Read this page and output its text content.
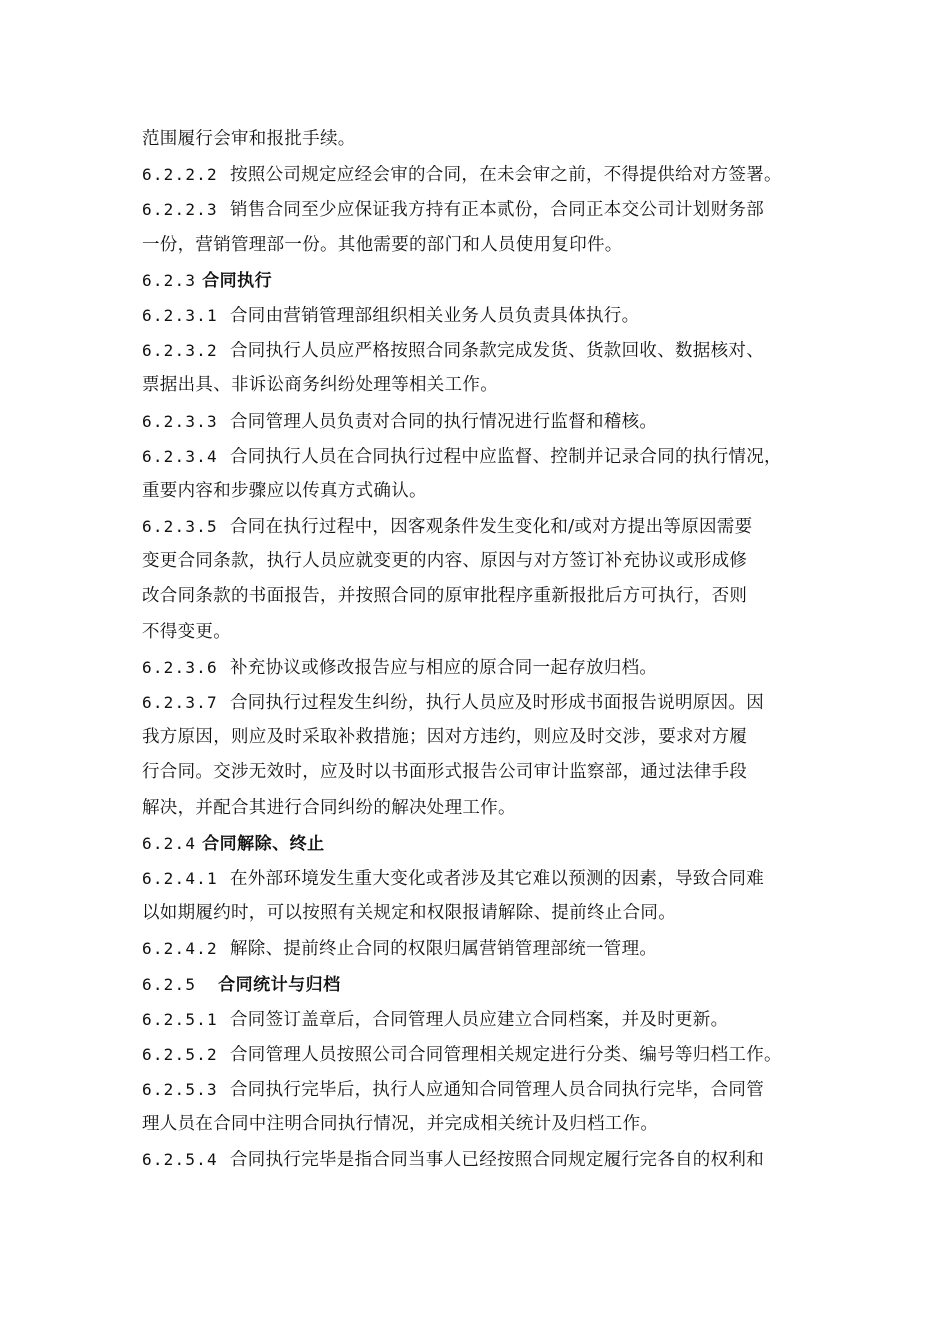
范围履行会审和报批手续。
6.2.2.2 按照公司规定应经会审的合同，在未会审之前，不得提供给对方签署。
6.2.2.3 销售合同至少应保证我方持有正本贰份，合同正本交公司计划财务部
一份，营销管理部一份。其他需要的部门和人员使用复印件。
6.2.3 合同执行
6.2.3.1 合同由营销管理部组织相关业务人员负责具体执行。
6.2.3.2 合同执行人员应严格按照合同条款完成发货、货款回收、数据核对、
票据出具、非诉讼商务纠纷处理等相关工作。
6.2.3.3 合同管理人员负责对合同的执行情况进行监督和稽核。
6.2.3.4 合同执行人员在合同执行过程中应监督、控制并记录合同的执行情况，
重要内容和步骤应以传真方式确认。
6.2.3.5 合同在执行过程中，因客观条件发生变化和/或对方提出等原因需要
变更合同条款，执行人员应就变更的内容、原因与对方签订补充协议或形成修
改合同条款的书面报告，并按照合同的原审批程序重新报批后方可执行，否则
不得变更。
6.2.3.6 补充协议或修改报告应与相应的原合同一起存放归档。
6.2.3.7 合同执行过程发生纠纷，执行人员应及时形成书面报告说明原因。因
我方原因，则应及时采取补救措施；因对方违约，则应及时交涉，要求对方履
行合同。交涉无效时，应及时以书面形式报告公司审计监察部，通过法律手段
解决，并配合其进行合同纠纷的解决处理工作。
6.2.4 合同解除、终止
6.2.4.1 在外部环境发生重大变化或者涉及其它难以预测的因素，导致合同难
以如期履约时，可以按照有关规定和权限报请解除、提前终止合同。
6.2.4.2 解除、提前终止合同的权限归属营销管理部统一管理。
6.2.5 合同统计与归档
6.2.5.1 合同签订盖章后，合同管理人员应建立合同档案，并及时更新。
6.2.5.2 合同管理人员按照公司合同管理相关规定进行分类、编号等归档工作。
6.2.5.3 合同执行完毕后，执行人应通知合同管理人员合同执行完毕，合同管
理人员在合同中注明合同执行情况，并完成相关统计及归档工作。
6.2.5.4 合同执行完毕是指合同当事人已经按照合同规定履行完各自的权利和
